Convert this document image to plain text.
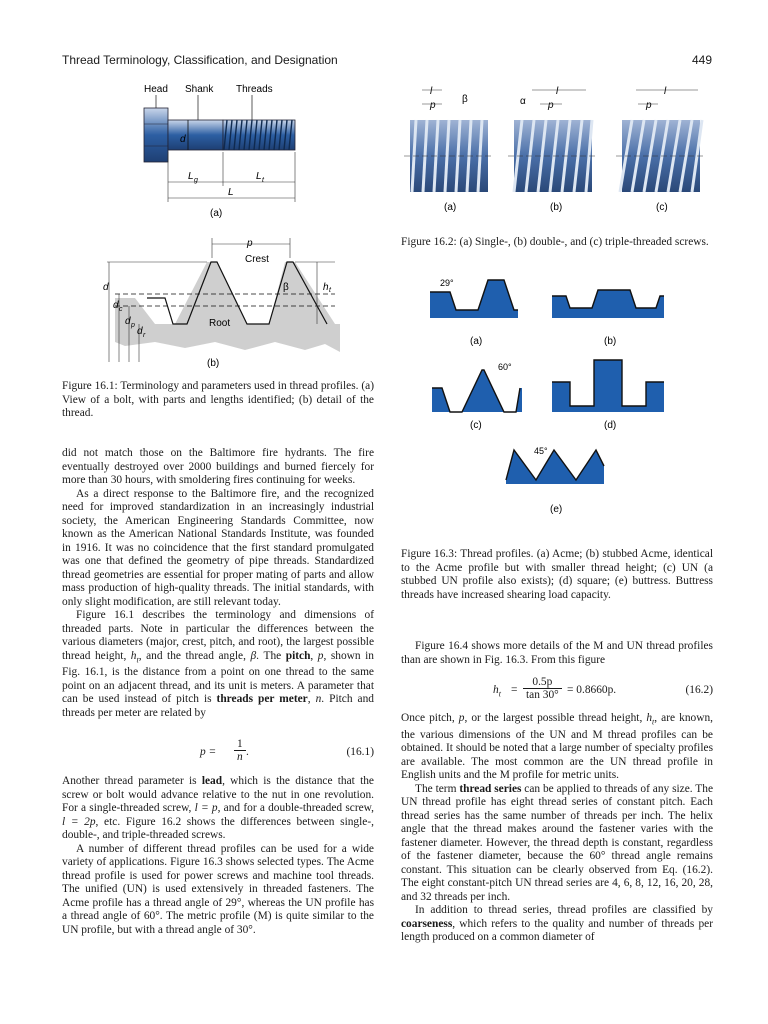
Thread Terminology, Classification, and Designation	449
Head Shank Threads
d
L g	L t
L
(a)
p
Crest
β	h t
d
d c
d p
d r
Root
(b)
Figure 16.1: Terminology and parameters used in thread profiles. (a) View of a bolt, with parts and lengths identified; (b) detail of the thread.

did not match those on the Baltimore fire hydrants. The fire eventually destroyed over 2000 buildings and burned fiercely for more than 30 hours, with smoldering fires continuing for weeks.

As a direct response to the Baltimore fire, and the recognized need for improved standardization in an increasingly industrial society, the American Engineering Standards Committee, now known as the American National Standards Institute, was founded in 1916. It was no coincidence that the first standard promulgated was one that defined the geometry of pipe threads. Standardized thread geometries are essential for proper mating of parts and allow mass production of high-quality threads. The initial standards, with only slight modification, are still relevant today.

Figure 16.1 describes the terminology and dimensions of threaded parts. Note in particular the differences between the various diameters (major, crest, pitch, and root), the largest possible thread height, $h_t$, and the thread angle, β. The pitch, p, shown in Fig. 16.1, is the distance from a point on one thread to the same point on an adjacent thread, and its unit is meters. A parameter that can be used instead of pitch is threads per meter, n. Pitch and threads per meter are related by

$p = \frac{1}{n}$ .	(16.1)

Another thread parameter is lead, which is the distance that the screw or bolt would advance relative to the nut in one revolution. For a single-threaded screw, l = p, and for a double-threaded screw, l = 2p, etc. Figure 16.2 shows the differences between single-, double-, and triple-threaded screws.

A number of different thread profiles can be used for a wide variety of applications. Figure 16.3 shows selected types. The Acme thread profile is used for power screws and machine tool threads. The unified (UN) is used extensively in threaded fasteners. The Acme profile has a thread angle of 29°, whereas the UN profile has a thread angle of 60°. The metric profile (M) is quite similar to the UN profile, but with a thread angle of 30°.

l
p
β
(a)
l
p
α
(b)
l
p
(c)
Figure 16.2: (a) Single-, (b) double-, and (c) triple-threaded screws.
29°
(a)	(b)
60°
(c)	(d)
45°
(e)
Figure 16.3: Thread profiles. (a) Acme; (b) stubbed Acme, identical to the Acme profile but with smaller thread height; (c) UN (a stubbed UN profile also exists); (d) square; (e) buttress. Buttress threads have increased shearing load capacity.

Figure 16.4 shows more details of the M and UN thread profiles than are shown in Fig. 16.3. From this figure

$h_t = \frac{0.5p}{\tan 30^\circ} = 0.8660p$.	(16.2)

Once pitch, p, or the largest possible thread height, $h_t$, are known, the various dimensions of the UN and M thread profiles can be obtained. It should be noted that a large number of specialty profiles are available. The most common are the UN thread profile in English units and the M profile for metric units.

The term thread series can be applied to threads of any size. The UN thread profile has eight thread series of constant pitch. Each thread series has the same number of threads per inch. The helix angle that the thread makes around the fastener varies with the fastener diameter. However, the thread depth is constant, regardless of the fastener diameter, because the 60° thread angle remains constant. This situation can be clearly observed from Eq. (16.2). The eight constant-pitch UN thread series are 4, 6, 8, 12, 16, 20, 28, and 32 threads per inch.

In addition to thread series, thread profiles are classified by coarseness, which refers to the quality and number of threads per length produced on a common diameter of
